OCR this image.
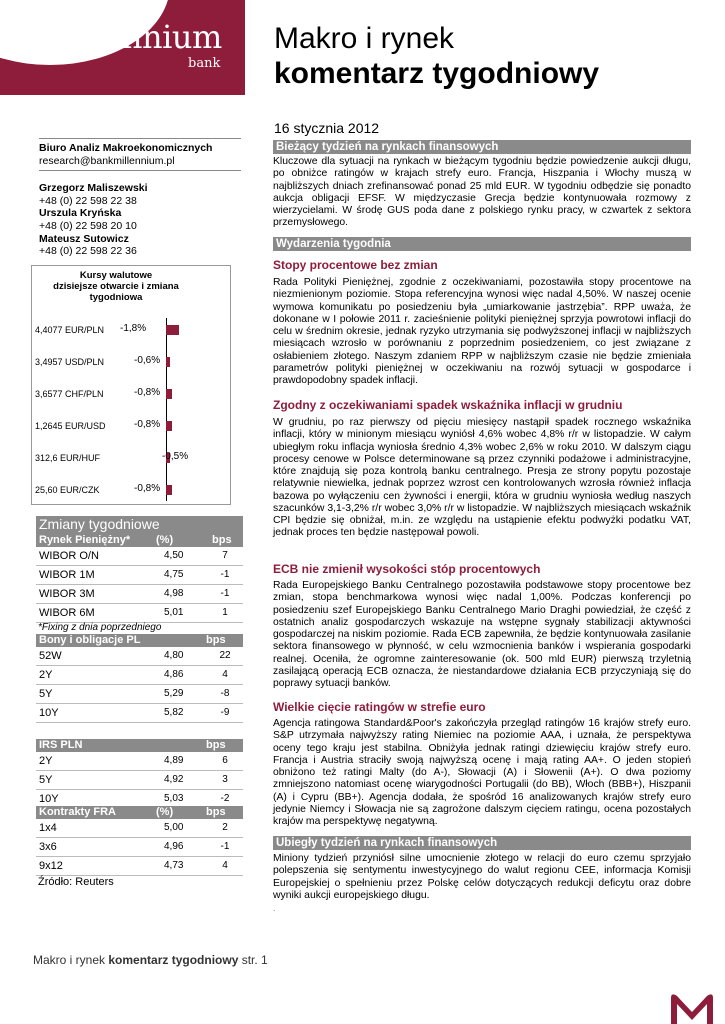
Millennium
bank
Makro i rynek
komentarz tygodniowy
16 stycznia 2012
Biuro Analiz Makroekonomicznych
research@bankmillennium.pl
Grzegorz Maliszewski
+48 (0) 22 598 22 38
Urszula Kryńska
+48 (0) 22 598 20 10
Mateusz Sutowicz
+48 (0) 22 598 22 36
Kursy walutowe
dzisiejsze otwarcie i zmiana
tygodniowa
4,4077 EUR/PLN -1,8%
3,4957 USD/PLN	-0,6%
3,6577 CHF/PLN	-0,8%
1,2645 EUR/USD	-0,8%
312,6 EUR/HUF	-0,5%
25,60 EUR/CZK	-0,8%
Zmiany tygodniowe
Rynek Pieniężny* (%)	bps
WIBOR O/N	4,50	7
WIBOR 1M	4,75	-1
WIBOR 3M	4,98	-1
WIBOR 6M	5,01	1
*Fixing z dnia poprzedniego
Bony i obligacje PL	bps
52W	4,80	22
2Y	4,86	4
5Y	5,29	-8
10Y	5,82	-9
IRS PLN	bps
2Y	4,89	6
5Y	4,92	3
10Y	5,03	-2
Kontrakty FRA	(%)	bps
1x4	5,00	2
3x6	4,96	-1
9x12	4,73	4
Źródło: Reuters
Bieżący tydzień na rynkach finansowych
Kluczowe dla sytuacji na rynkach w bieżącym tygodniu będzie powiedzenie aukcji długu, po obniżce ratingów w krajach strefy euro. Francja, Hiszpania i Włochy muszą w najbliższych dniach zrefinansować ponad 25 mld EUR. W tygodniu odbędzie się ponadto aukcja obligacji EFSF. W międzyczasie Grecja będzie kontynuowała rozmowy z wierzycielami. W środę GUS poda dane z polskiego rynku pracy, w czwartek z sektora przemysłowego.
Wydarzenia tygodnia
Stopy procentowe bez zmian
Rada Polityki Pieniężnej, zgodnie z oczekiwaniami, pozostawiła stopy procentowe na niezmienionym poziomie. Stopa referencyjna wynosi więc nadal 4,50%. W naszej ocenie wymowa komunikatu po posiedzeniu była „umiarkowanie jastrzębia”. RPP uważa, że dokonane w I połowie 2011 r. zacieśnienie polityki pieniężnej sprzyja powrotowi inflacji do celu w średnim okresie, jednak ryzyko utrzymania się podwyższonej inflacji w najbliższych miesiącach wzrosło w porównaniu z poprzednim posiedzeniem, co jest związane z osłabieniem złotego. Naszym zdaniem RPP w najbliższym czasie nie będzie zmieniała parametrów polityki pieniężnej w oczekiwaniu na rozwój sytuacji w gospodarce i prawdopodobny spadek inflacji.
Zgodny z oczekiwaniami spadek wskaźnika inflacji w grudniu
W grudniu, po raz pierwszy od pięciu miesięcy nastąpił spadek rocznego wskaźnika inflacji, który w minionym miesiącu wyniósł 4,6% wobec 4,8% r/r w listopadzie. W całym ubiegłym roku inflacja wyniosła średnio 4,3% wobec 2,6% w roku 2010. W dalszym ciągu procesy cenowe w Polsce determinowane są przez czynniki podażowe i administracyjne, które znajdują się poza kontrolą banku centralnego. Presja ze strony popytu pozostaje relatywnie niewielka, jednak poprzez wzrost cen kontrolowanych wzrosła również inflacja bazowa po wyłączeniu cen żywności i energii, która w grudniu wyniosła według naszych szacunków 3,1-3,2% r/r wobec 3,0% r/r w listopadzie. W najbliższych miesiącach wskaźnik CPI będzie się obniżał, m.in. ze względu na ustąpienie efektu podwyżki podatku VAT, jednak proces ten będzie następował powoli.
ECB nie zmienił wysokości stóp procentowych
Rada Europejskiego Banku Centralnego pozostawiła podstawowe stopy procentowe bez zmian, stopa benchmarkowa wynosi więc nadal 1,00%. Podczas konferencji po posiedzeniu szef Europejskiego Banku Centralnego Mario Draghi powiedział, że część z ostatnich analiz gospodarczych wskazuje na wstępne sygnały stabilizacji aktywności gospodarczej na niskim poziomie. Rada ECB zapewniła, że będzie kontynuowała zasilanie sektora finansowego w płynność, w celu wzmocnienia banków i wspierania gospodarki realnej. Oceniła, że ogromne zainteresowanie (ok. 500 mld EUR) pierwszą trzyletnią zasilającą operacją ECB oznacza, że niestandardowe działania ECB przyczyniają się do poprawy sytuacji banków.
Wielkie cięcie ratingów w strefie euro
Agencja ratingowa Standard&Poor's zakończyła przegląd ratingów 16 krajów strefy euro. S&P utrzymała najwyższy rating Niemiec na poziomie AAA, i uznała, że perspektywa oceny tego kraju jest stabilna. Obniżyła jednak ratingi dziewięciu krajów strefy euro. Francja i Austria straciły swoją najwyższą ocenę i mają rating AA+. O jeden stopień obniżono też ratingi Malty (do A-), Słowacji (A) i Słowenii (A+). O dwa poziomy zmniejszono natomiast ocenę wiarygodności Portugalii (do BB), Włoch (BBB+), Hiszpanii (A) i Cypru (BB+). Agencja dodała, że spośród 16 analizowanych krajów strefy euro jedynie Niemcy i Słowacja nie są zagrożone dalszym cięciem ratingu, ocena pozostałych krajów ma perspektywę negatywną.
Ubiegły tydzień na rynkach finansowych
Miniony tydzień przyniósł silne umocnienie złotego w relacji do euro czemu sprzyjało polepszenia się sentymentu inwestycyjnego do walut regionu CEE, informacja Komisji Europejskiej o spełnieniu przez Polskę celów dotyczących redukcji deficytu oraz dobre wyniki aukcji europejskiego długu.
.
Makro i rynek komentarz tygodniowy str. 1
